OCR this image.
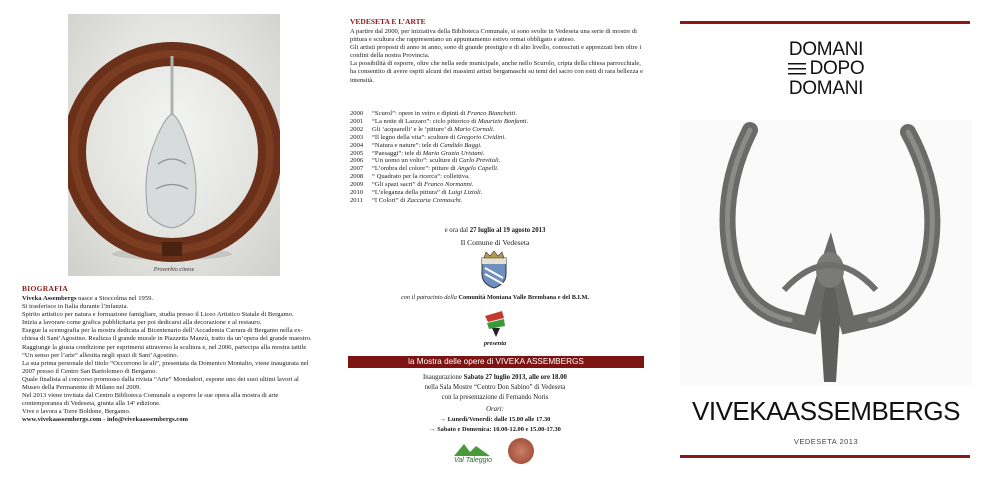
Proverbio cinese
BIOGRAFIA

Viveka Assembergs nasce a Stoccolma nel 1959.

Si trasferisce in Italia durante l’infanzia.

Spirito artistico per natura e formazione famigliare, studia presso il Liceo Artistico Statale di Bergamo.

Inizia a lavorare come grafica pubblicitaria per poi dedicarsi alla decorazione e al restauro.

Esegue la scenografia per la mostra dedicata al Bicentenario dell’Accademia Carrara di Bergamo nella ex-chiesa di Sant’Agostino. Realizza il grande murale in Piazzetta Manzù, tratto da un’opera del grande maestro.

Raggiunge la giusta condizione per esprimersi attraverso la scultura e, nel 2006, partecipa alla mostra tattile “Un senso per l’arte” allestita negli spazi di Sant’Agostino.

La sua prima personale del titolo “Occorrono le ali”, presentata da Domenico Montalto, viene inaugurata nel 2007 presso il Centro San Bartolomeo di Bergamo.

Quale finalista al concorso promosso dalla rivista “Arte” Mondadori, espone uno dei suoi ultimi lavori al Museo della Permanente di Milano nel 2009.

Nel 2013 viene invitata dal Centro Biblioteca Comunale a esporre le sue opera alla mostra di arte contemporanea di Vedeseta, giunta alla 14ª edizione.

Vive e lavora a Torre Boldone, Bergamo.

www.vivekaassembergs.com - info@vivekaassembergs.com

VEDESETA E L’ARTE

A partire dal 2000, per iniziativa della Biblioteca Comunale, si sono svolte in Vedeseta una serie di mostre di pittura e scultura che rappresentano un appuntamento estivo ormai obbligato e atteso.

Gli artisti proposti di anno in anno, sono di grande prestigio e di alto livello, conosciuti e apprezzati ben oltre i confini della nostra Provincia.

La possibilità di esporre, oltre che nella sede municipale, anche nello Scurolo, cripta della chiesa parrocchiale, ha consentito di avere ospiti alcuni dei massimi artisti bergamaschi su temi del sacro con esiti di rara bellezza e intensità.

2000	“Scurol”: opere in vetro e dipinti di Franco Bianchetti.
2001	“La notte di Lazzaro”: ciclo pittorico di Maurizio Bonfanti.
2002	Gli ‘acquarelli’ e le ‘pitture’ di Mario Cornali.
2003	“Il legno della vita”: sculture di Gregorio Cividini.
2004	“Natura e nature”: tele di Candido Baggi.
2005	“Paesaggi”: tele di Maria Grazia Uristani.
2006	“Un uomo un volto”: sculture di Carlo Previtali.
2007	“L’ombra del colore”: pitture di Angelo Capelli.
2008	“ Quadrato per la ricerca”: collettiva.
2009	“Gli spazi sacri” di Franco Normanni.
2010	“L’eleganza della pittura” di Luigi Lizioli.
2011	“I Colori” di Zaccaria Cremaschi.
e ora dal 27 luglio al 19 agosto 2013
Il Comune di Vedeseta
con il patrocinio della Comunità Montana Valle Brembana e del B.I.M.
presenta
la Mostra delle opere di VIVEKA ASSEMBERGS
Inaugurazione Sabato 27 luglio 2013, alle ore 18.00
nella Sala Mostre “Centro Don Sabino” di Vedeseta
con la presentazione di Fernando Noris
Orari:
→ Lunedì/Venerdì: dalle 15.00 alle 17.30
→ Sabato e Domenica: 10.00-12.00 e 15.00-17.30
Val Taleggio
DOMANI
DOPO
DOMANI
VIVEKAASSEMBERGS
VEDESETA 2013
